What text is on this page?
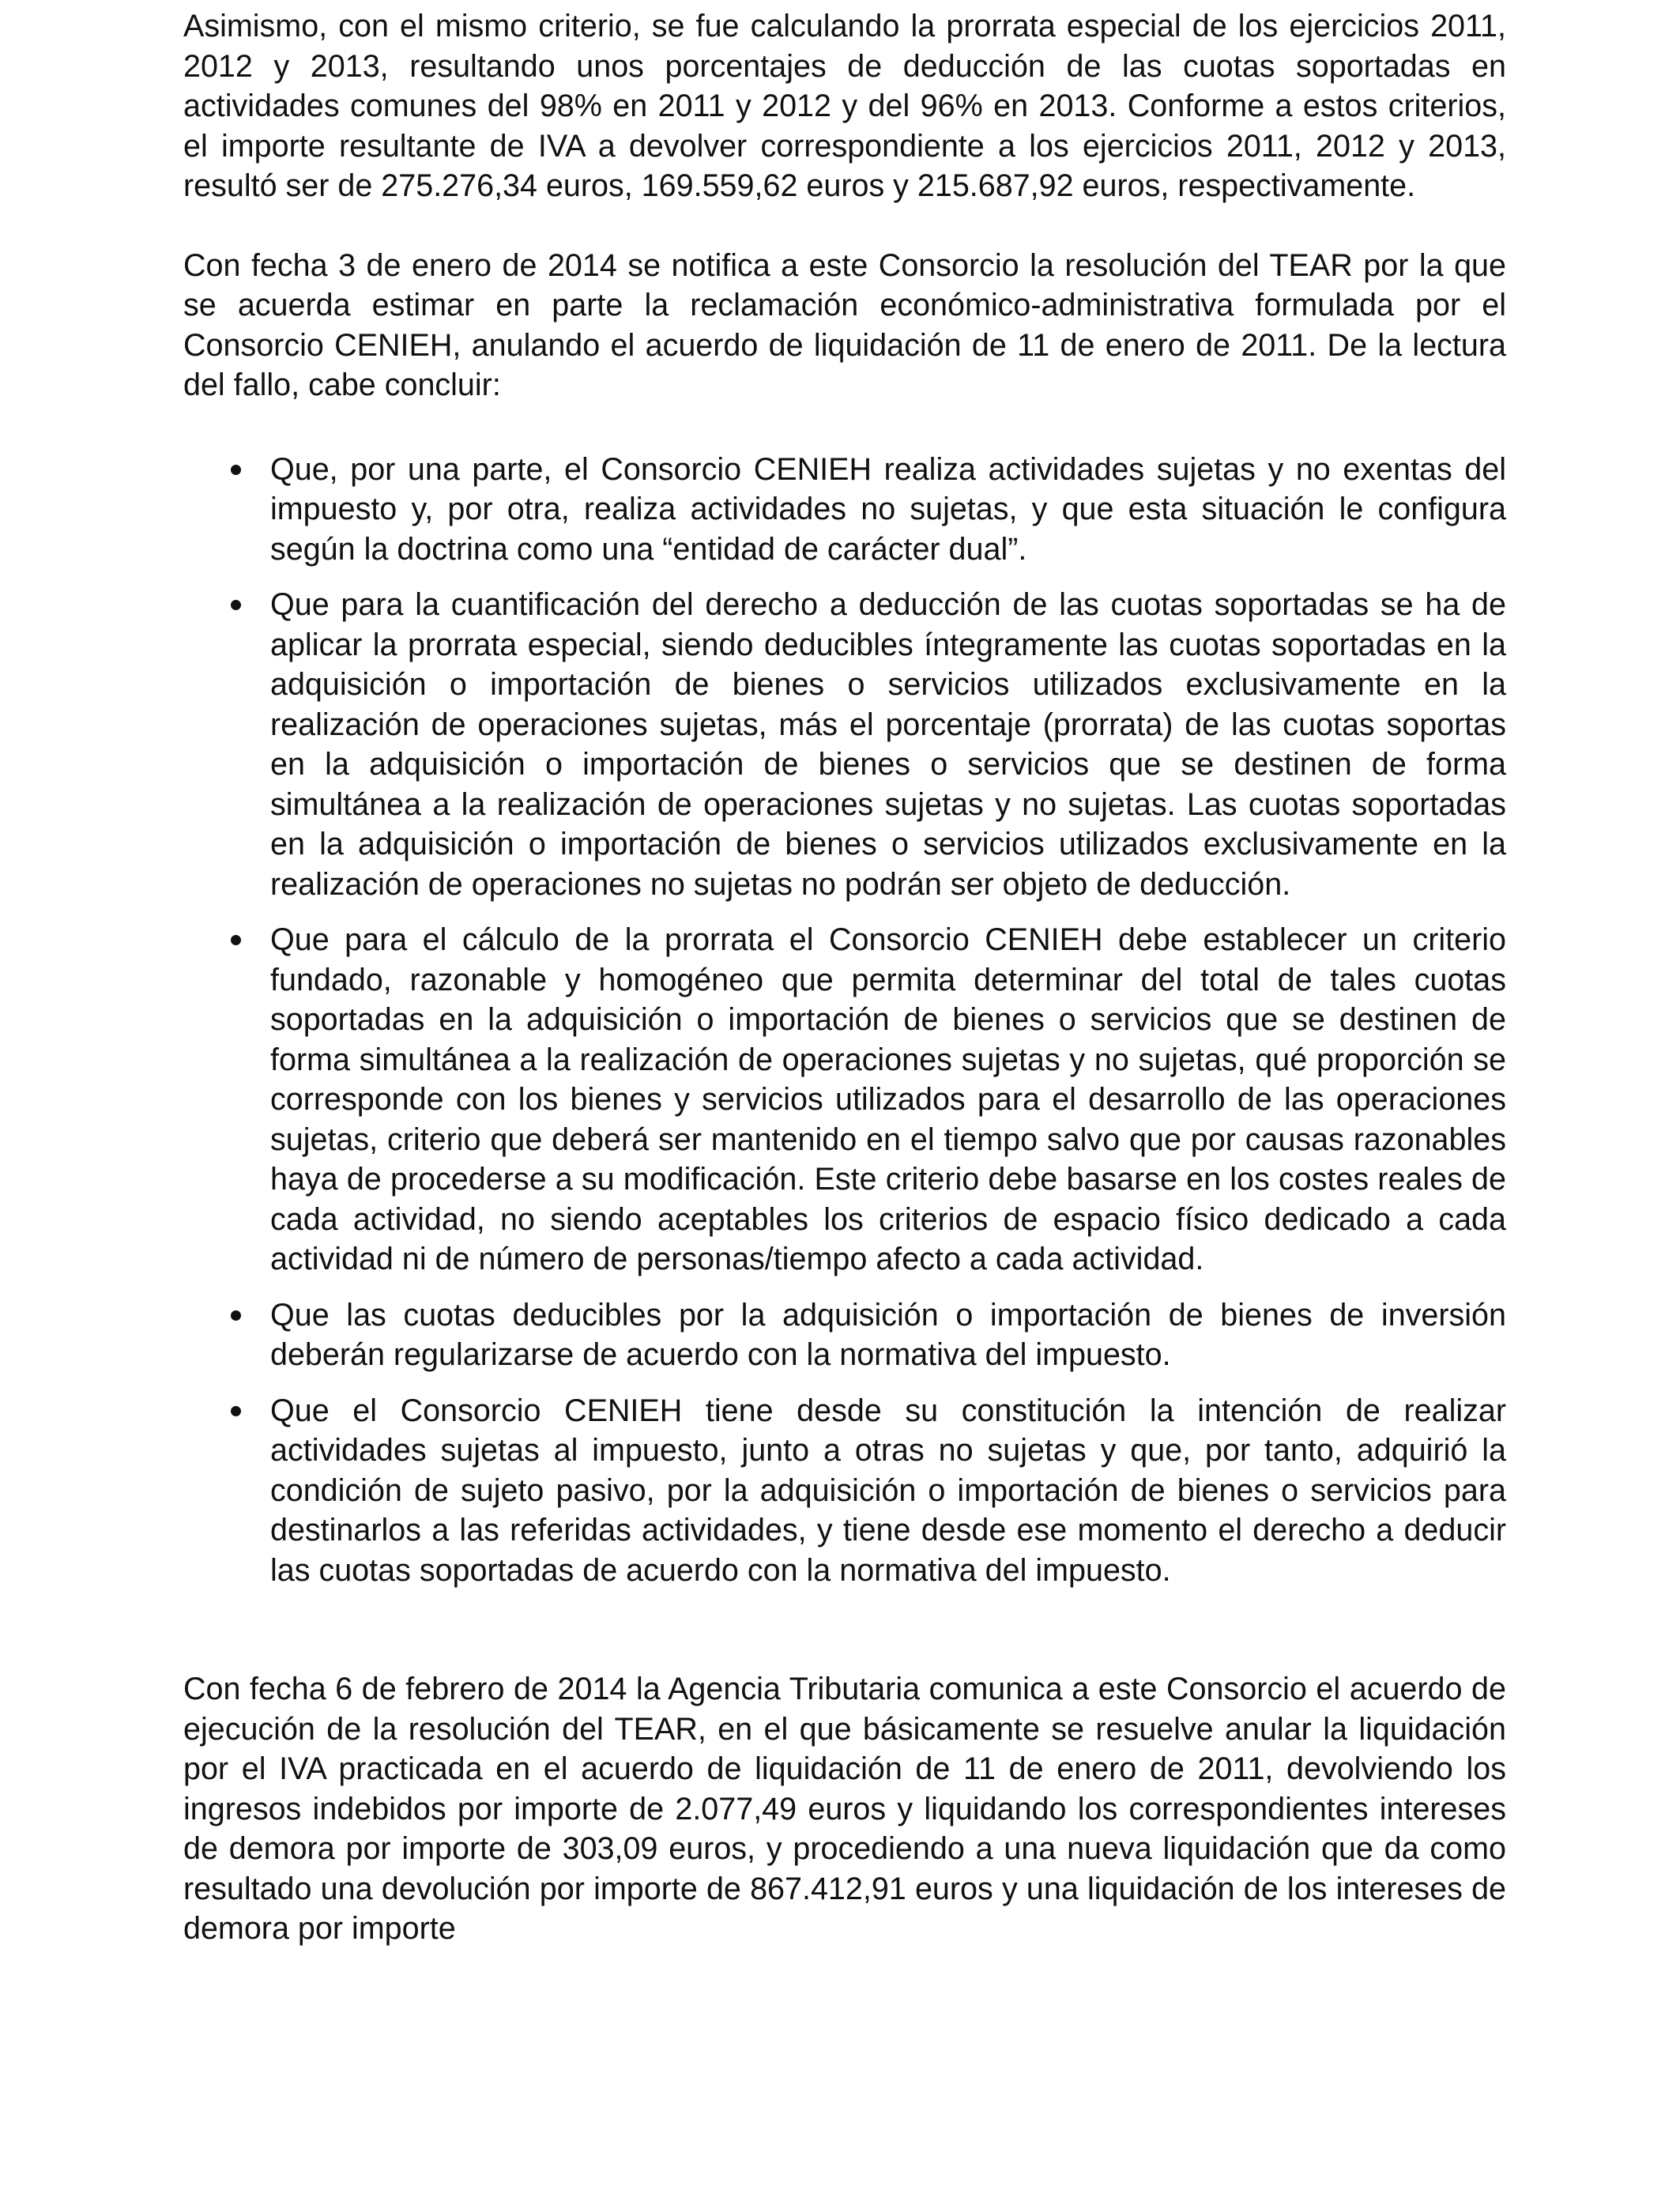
Asimismo, con el mismo criterio, se fue calculando la prorrata especial de los ejercicios 2011, 2012 y 2013, resultando unos porcentajes de deducción de las cuotas soportadas en actividades comunes del 98% en 2011 y 2012 y del 96% en 2013. Conforme a estos criterios, el importe resultante de IVA a devolver correspondiente a los ejercicios 2011, 2012 y 2013, resultó ser de 275.276,34 euros, 169.559,62 euros y 215.687,92 euros, respectivamente.

Con fecha 3 de enero de 2014 se notifica a este Consorcio la resolución del TEAR por la que se acuerda estimar en parte la reclamación económico-administrativa formulada por el Consorcio CENIEH, anulando el acuerdo de liquidación de 11 de enero de 2011. De la lectura del fallo, cabe concluir:

Que, por una parte, el Consorcio CENIEH realiza actividades sujetas y no exentas del impuesto y, por otra, realiza actividades no sujetas, y que esta situación le configura según la doctrina como una “entidad de carácter dual”.
Que para la cuantificación del derecho a deducción de las cuotas soportadas se ha de aplicar la prorrata especial, siendo deducibles íntegramente las cuotas soportadas en la adquisición o importación de bienes o servicios utilizados exclusivamente en la realización de operaciones sujetas, más el porcentaje (prorrata) de las cuotas soportas en la adquisición o importación de bienes o servicios que se destinen de forma simultánea a la realización de operaciones sujetas y no sujetas. Las cuotas soportadas en la adquisición o importación de bienes o servicios utilizados exclusivamente en la realización de operaciones no sujetas no podrán ser objeto de deducción.
Que para el cálculo de la prorrata el Consorcio CENIEH debe establecer un criterio fundado, razonable y homogéneo que permita determinar del total de tales cuotas soportadas en la adquisición o importación de bienes o servicios que se destinen de forma simultánea a la realización de operaciones sujetas y no sujetas, qué proporción se corresponde con los bienes y servicios utilizados para el desarrollo de las operaciones sujetas, criterio que deberá ser mantenido en el tiempo salvo que por causas razonables haya de procederse a su modificación. Este criterio debe basarse en los costes reales de cada actividad, no siendo aceptables los criterios de espacio físico dedicado a cada actividad ni de número de personas/tiempo afecto a cada actividad.
Que las cuotas deducibles por la adquisición o importación de bienes de inversión deberán regularizarse de acuerdo con la normativa del impuesto.
Que el Consorcio CENIEH tiene desde su constitución la intención de realizar actividades sujetas al impuesto, junto a otras no sujetas y que, por tanto, adquirió la condición de sujeto pasivo, por la adquisición o importación de bienes o servicios para destinarlos a las referidas actividades, y tiene desde ese momento el derecho a deducir las cuotas soportadas de acuerdo con la normativa del impuesto.

Con fecha 6 de febrero de 2014 la Agencia Tributaria comunica a este Consorcio el acuerdo de ejecución de la resolución del TEAR, en el que básicamente se resuelve anular la liquidación por el IVA practicada en el acuerdo de liquidación de 11 de enero de 2011, devolviendo los ingresos indebidos por importe de 2.077,49 euros y liquidando los correspondientes intereses de demora por importe de 303,09 euros, y procediendo a una nueva liquidación que da como resultado una devolución por importe de 867.412,91 euros y una liquidación de los intereses de demora por importe
